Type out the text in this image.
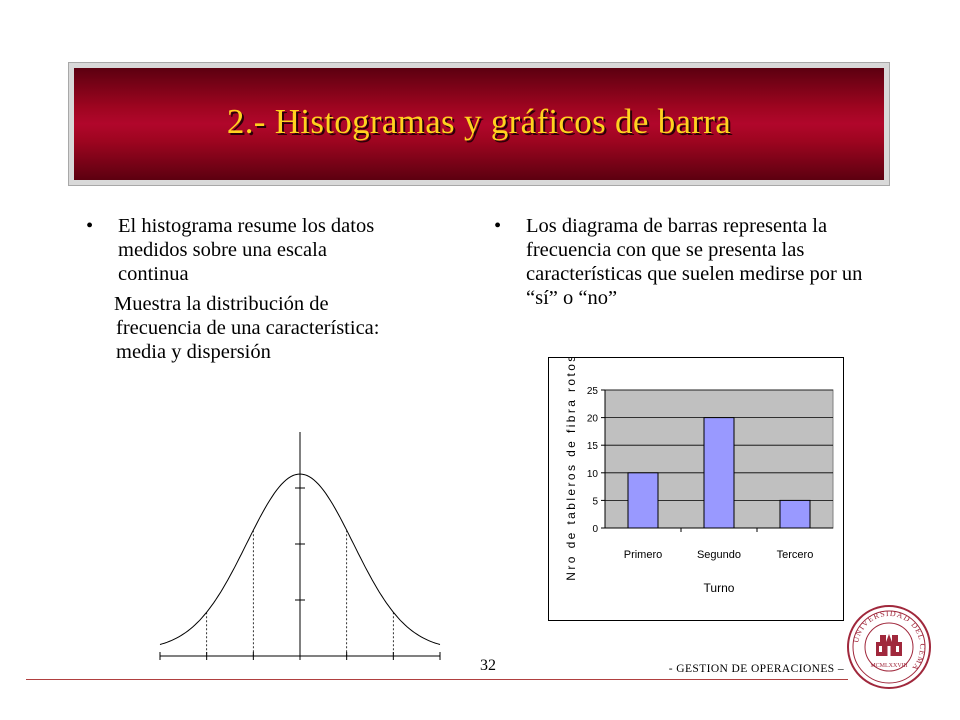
2.- Histogramas y gráficos de barra
•	El histograma resume los datos medidos sobre una escala continua
Muestra la distribución de frecuencia de una característica: media y dispersión
•	Los diagrama de barras representa la frecuencia con que se presenta las características que suelen medirse por un “sí” o “no”
0
5
10
15
20
25
Primero	Segundo	Tercero
Turno
Nro de tableros de fibra rotos
32	- GESTION DE OPERACIONES –
UNIVERSIDAD DEL CEMA
MCMLXXVIII
